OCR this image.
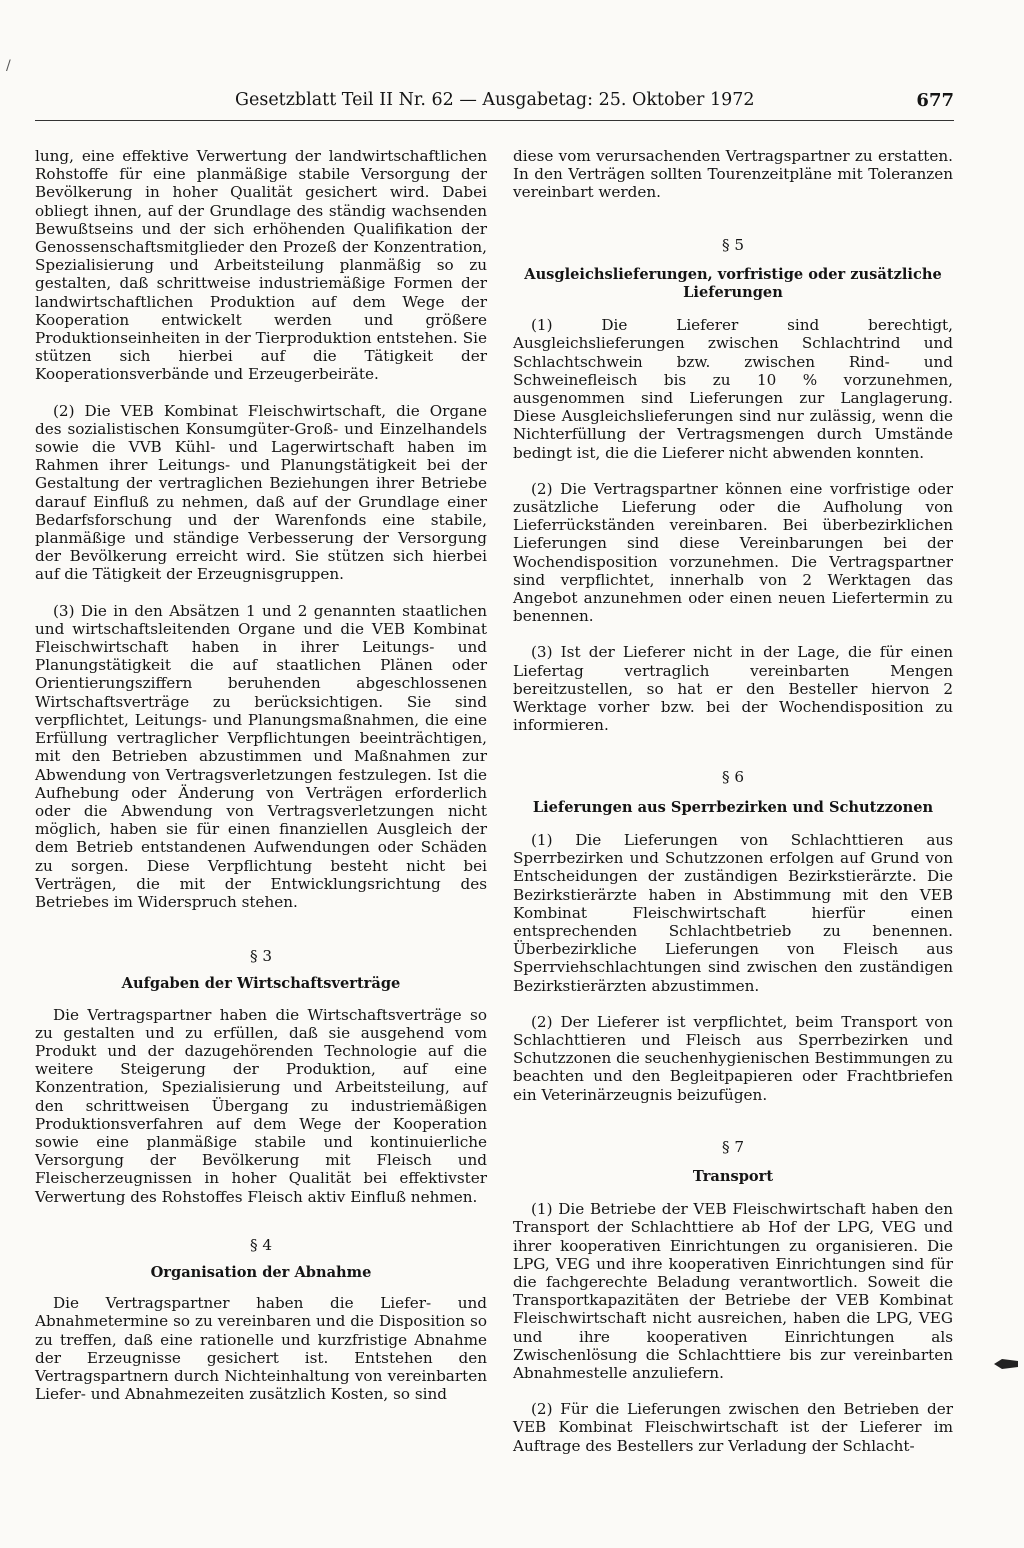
/
Gesetzblatt Teil II Nr. 62 — Ausgabetag: 25. Oktober 1972	677

lung, eine effektive Verwertung der landwirtschaftlichen Rohstoffe für eine planmäßige stabile Versorgung der Bevölkerung in hoher Qualität gesichert wird. Dabei obliegt ihnen, auf der Grundlage des ständig wachsenden Bewußtseins und der sich erhöhenden Qualifikation der Genossenschaftsmitglieder den Prozeß der Konzentration, Spezialisierung und Arbeitsteilung planmäßig so zu gestalten, daß schrittweise industriemäßige Formen der landwirtschaftlichen Produktion auf dem Wege der Kooperation entwickelt werden und größere Produktionseinheiten in der Tierproduktion entstehen. Sie stützen sich hierbei auf die Tätigkeit der Kooperationsverbände und Erzeugerbeiräte.

(2) Die VEB Kombinat Fleischwirtschaft, die Organe des sozialistischen Konsumgüter-Groß- und Einzelhandels sowie die VVB Kühl- und Lagerwirtschaft haben im Rahmen ihrer Leitungs- und Planungstätigkeit bei der Gestaltung der vertraglichen Beziehungen ihrer Betriebe darauf Einfluß zu nehmen, daß auf der Grundlage einer Bedarfsforschung und der Warenfonds eine stabile, planmäßige und ständige Verbesserung der Versorgung der Bevölkerung erreicht wird. Sie stützen sich hierbei auf die Tätigkeit der Erzeugnisgruppen.

(3) Die in den Absätzen 1 und 2 genannten staatlichen und wirtschaftsleitenden Organe und die VEB Kombinat Fleischwirtschaft haben in ihrer Leitungs- und Planungstätigkeit die auf staatlichen Plänen oder Orientierungsziffern beruhenden abgeschlossenen Wirtschaftsverträge zu berücksichtigen. Sie sind verpflichtet, Leitungs- und Planungsmaßnahmen, die eine Erfüllung vertraglicher Verpflichtungen beeinträchtigen, mit den Betrieben abzustimmen und Maßnahmen zur Abwendung von Vertragsverletzungen festzulegen. Ist die Aufhebung oder Änderung von Verträgen erforderlich oder die Abwendung von Vertragsverletzungen nicht möglich, haben sie für einen finanziellen Ausgleich der dem Betrieb entstandenen Aufwendungen oder Schäden zu sorgen. Diese Verpflichtung besteht nicht bei Verträgen, die mit der Entwicklungsrichtung des Betriebes im Widerspruch stehen.

§ 3

Aufgaben der Wirtschaftsverträge

Die Vertragspartner haben die Wirtschaftsverträge so zu gestalten und zu erfüllen, daß sie ausgehend vom Produkt und der dazugehörenden Technologie auf die weitere Steigerung der Produktion, auf eine Konzentration, Spezialisierung und Arbeitsteilung, auf den schrittweisen Übergang zu industriemäßigen Produktionsverfahren auf dem Wege der Kooperation sowie eine planmäßige stabile und kontinuierliche Versorgung der Bevölkerung mit Fleisch und Fleischerzeugnissen in hoher Qualität bei effektivster Verwertung des Rohstoffes Fleisch aktiv Einfluß nehmen.

§ 4

Organisation der Abnahme

Die Vertragspartner haben die Liefer- und Abnahmetermine so zu vereinbaren und die Disposition so zu treffen, daß eine rationelle und kurzfristige Abnahme der Erzeugnisse gesichert ist. Entstehen den Vertragspartnern durch Nichteinhaltung von vereinbarten Liefer- und Abnahmezeiten zusätzlich Kosten, so sind

diese vom verursachenden Vertragspartner zu erstatten. In den Verträgen sollten Tourenzeitpläne mit Toleranzen vereinbart werden.

§ 5

Ausgleichslieferungen, vorfristige oder zusätzliche Lieferungen

(1) Die Lieferer sind berechtigt, Ausgleichslieferungen zwischen Schlachtrind und Schlachtschwein bzw. zwischen Rind- und Schweinefleisch bis zu 10 % vorzunehmen, ausgenommen sind Lieferungen zur Langlagerung. Diese Ausgleichslieferungen sind nur zulässig, wenn die Nichterfüllung der Vertragsmengen durch Umstände bedingt ist, die die Lieferer nicht abwenden konnten.

(2) Die Vertragspartner können eine vorfristige oder zusätzliche Lieferung oder die Aufholung von Lieferrückständen vereinbaren. Bei überbezirklichen Lieferungen sind diese Vereinbarungen bei der Wochendisposition vorzunehmen. Die Vertragspartner sind verpflichtet, innerhalb von 2 Werktagen das Angebot anzunehmen oder einen neuen Liefertermin zu benennen.

(3) Ist der Lieferer nicht in der Lage, die für einen Liefertag vertraglich vereinbarten Mengen bereitzustellen, so hat er den Besteller hiervon 2 Werktage vorher bzw. bei der Wochendisposition zu informieren.

§ 6

Lieferungen aus Sperrbezirken und Schutzzonen

(1) Die Lieferungen von Schlachttieren aus Sperrbezirken und Schutzzonen erfolgen auf Grund von Entscheidungen der zuständigen Bezirkstierärzte. Die Bezirkstierärzte haben in Abstimmung mit den VEB Kombinat Fleischwirtschaft hierfür einen entsprechenden Schlachtbetrieb zu benennen. Überbezirkliche Lieferungen von Fleisch aus Sperrviehschlachtungen sind zwischen den zuständigen Bezirkstierärzten abzustimmen.

(2) Der Lieferer ist verpflichtet, beim Transport von Schlachttieren und Fleisch aus Sperrbezirken und Schutzzonen die seuchenhygienischen Bestimmungen zu beachten und den Begleitpapieren oder Frachtbriefen ein Veterinärzeugnis beizufügen.

§ 7

Transport

(1) Die Betriebe der VEB Fleischwirtschaft haben den Transport der Schlachttiere ab Hof der LPG, VEG und ihrer kooperativen Einrichtungen zu organisieren. Die LPG, VEG und ihre kooperativen Einrichtungen sind für die fachgerechte Beladung verantwortlich. Soweit die Transportkapazitäten der Betriebe der VEB Kombinat Fleischwirtschaft nicht ausreichen, haben die LPG, VEG und ihre kooperativen Einrichtungen als Zwischenlösung die Schlachttiere bis zur vereinbarten Abnahmestelle anzuliefern.

(2) Für die Lieferungen zwischen den Betrieben der VEB Kombinat Fleischwirtschaft ist der Lieferer im Auftrage des Bestellers zur Verladung der Schlacht-
